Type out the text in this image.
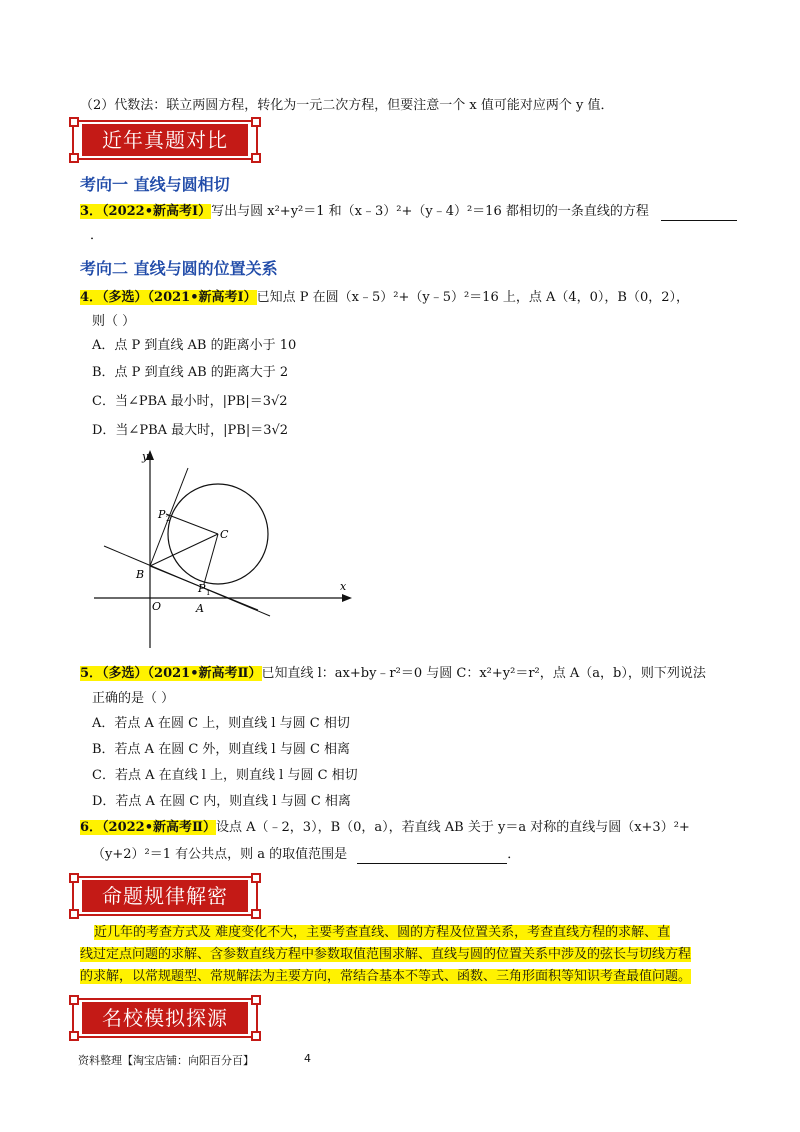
（2）代数法：联立两圆方程，转化为一元二次方程，但要注意一个 x 值可能对应两个 y 值．
近年真题对比
考向一 直线与圆相切
3．（2022•新高考Ⅰ）写出与圆 x²+y²＝1 和（x﹣3）²+（y﹣4）²＝16 都相切的一条直线的方程
．
考向二 直线与圆的位置关系
4．（多选）（2021•新高考Ⅰ）已知点 P 在圆（x﹣5）²+（y﹣5）²＝16 上，点 A（4，0），B（0，2），
则（ ）
A．点 P 到直线 AB 的距离小于 10
B．点 P 到直线 AB 的距离大于 2
C．当∠PBA 最小时，|PB|＝3√2
D．当∠PBA 最大时，|PB|＝3√2
y
x
O	A
B
C
P 1
P 2
5．（多选）（2021•新高考Ⅱ）已知直线 l：ax+by﹣r²＝0 与圆 C：x²+y²＝r²，点 A（a，b），则下列说法
正确的是（ ）
A．若点 A 在圆 C 上，则直线 l 与圆 C 相切
B．若点 A 在圆 C 外，则直线 l 与圆 C 相离
C．若点 A 在直线 l 上，则直线 l 与圆 C 相切
D．若点 A 在圆 C 内，则直线 l 与圆 C 相离
6．（2022•新高考Ⅱ）设点 A（﹣2，3），B（0，a），若直线 AB 关于 y＝a 对称的直线与圆（x+3）²+
（y+2）²＝1 有公共点，则 a 的取值范围是	．
命题规律解密
近几年的考查方式及 难度变化不大，主要考查直线、圆的方程及位置关系，考查直线方程的求解、直
线过定点问题的求解、含参数直线方程中参数取值范围求解、直线与圆的位置关系中涉及的弦长与切线方程
的求解，以常规题型、常规解法为主要方向，常结合基本不等式、函数、三角形面积等知识考查最值问题。
名校模拟探源
资料整理【淘宝店铺：向阳百分百】	4
